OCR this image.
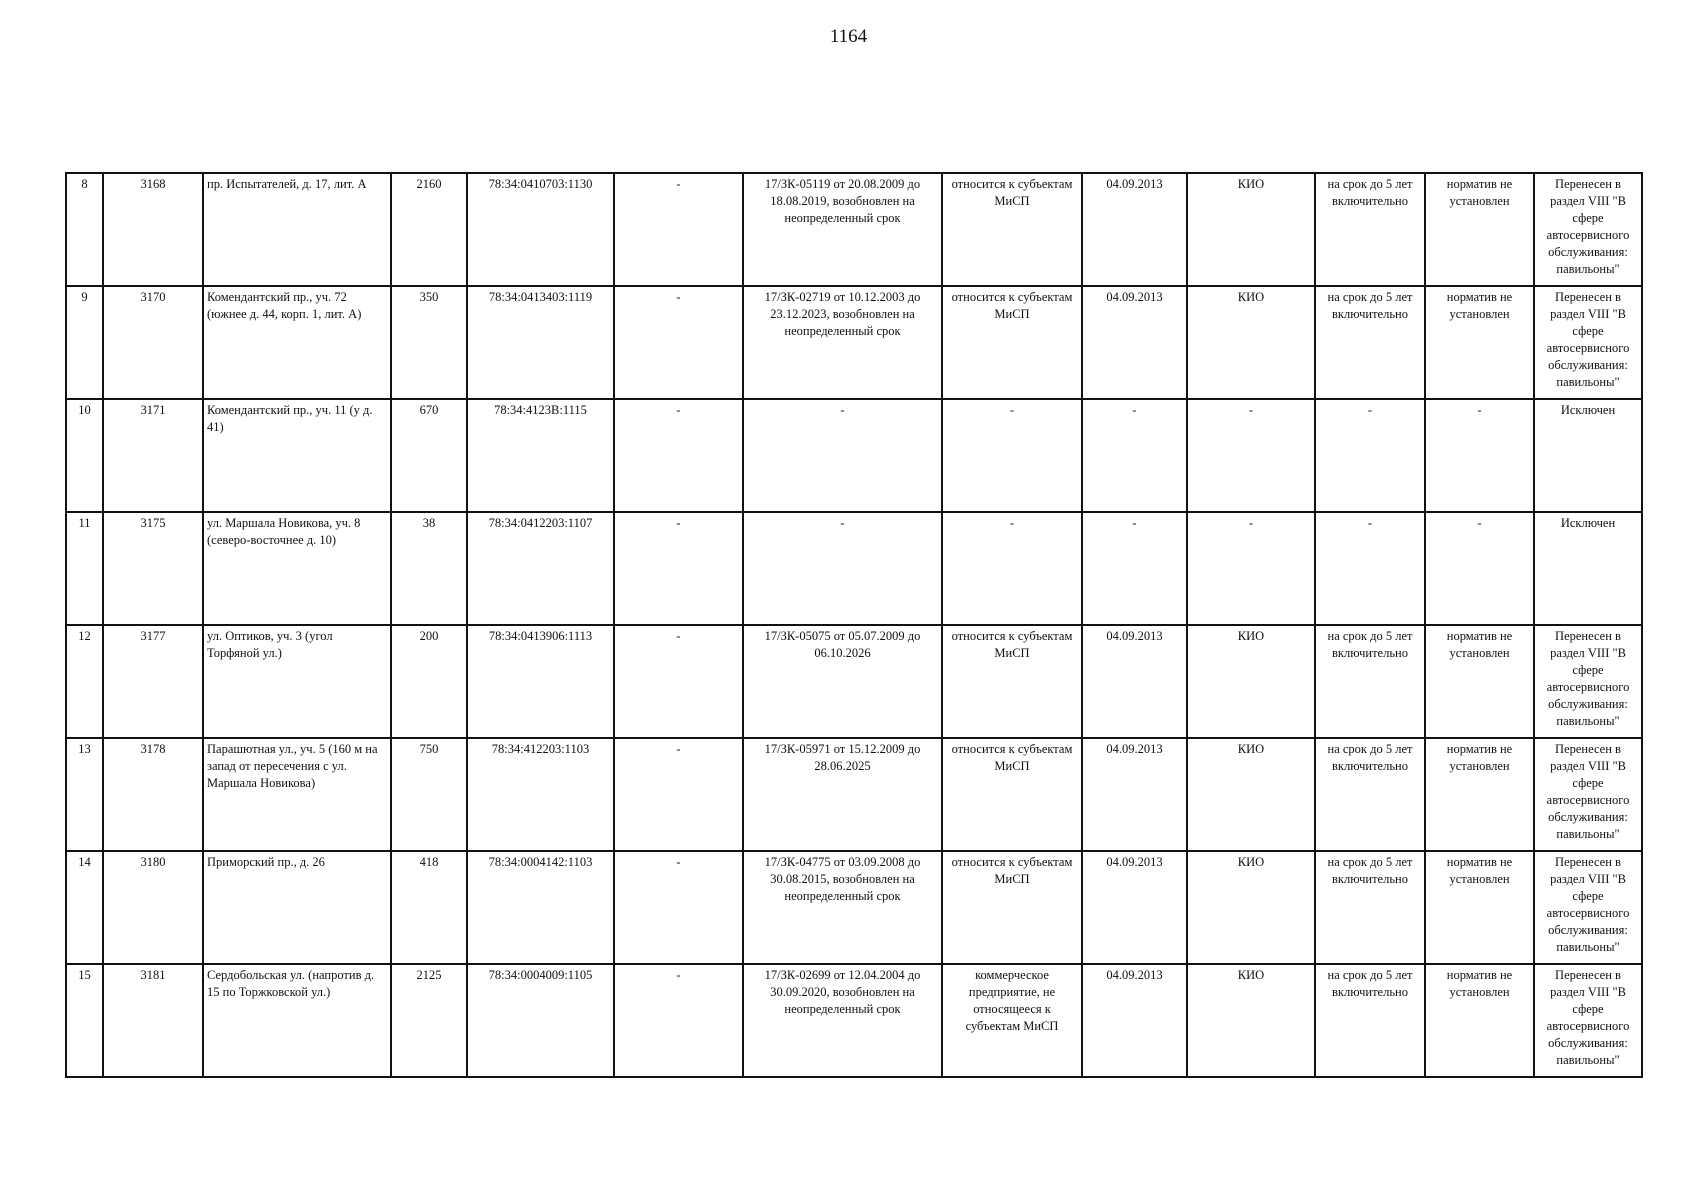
1164
8	3168	пр. Испытателей, д. 17, лит. А	2160	78:34:0410703:1130	-	17/ЗК-05119 от 20.08.2009 до 18.08.2019, возобновлен на неопределенный срок	относится к субъектам МиСП	04.09.2013	КИО	на срок до 5 лет включительно	норматив не установлен	Перенесен в раздел VIII "В сфере автосервисного обслуживания: павильоны"
9	3170	Комендантский пр., уч. 72 (южнее д. 44, корп. 1, лит. А)	350	78:34:0413403:1119	-	17/ЗК-02719 от 10.12.2003 до 23.12.2023, возобновлен на неопределенный срок	относится к субъектам МиСП	04.09.2013	КИО	на срок до 5 лет включительно	норматив не установлен	Перенесен в раздел VIII "В сфере автосервисного обслуживания: павильоны"
10	3171	Комендантский пр., уч. 11 (у д. 41)	670	78:34:4123В:1115	-	-	-	-	-	-	-	Исключен
11	3175	ул. Маршала Новикова, уч. 8 (северо-восточнее д. 10)	38	78:34:0412203:1107	-	-	-	-	-	-	-	Исключен
12	3177	ул. Оптиков, уч. 3 (угол Торфяной ул.)	200	78:34:0413906:1113	-	17/ЗК-05075 от 05.07.2009 до 06.10.2026	относится к субъектам МиСП	04.09.2013	КИО	на срок до 5 лет включительно	норматив не установлен	Перенесен в раздел VIII "В сфере автосервисного обслуживания: павильоны"
13	3178	Парашютная ул., уч. 5 (160 м на запад от пересечения с ул. Маршала Новикова)	750	78:34:412203:1103	-	17/ЗК-05971 от 15.12.2009 до 28.06.2025	относится к субъектам МиСП	04.09.2013	КИО	на срок до 5 лет включительно	норматив не установлен	Перенесен в раздел VIII "В сфере автосервисного обслуживания: павильоны"
14	3180	Приморский пр., д. 26	418	78:34:0004142:1103	-	17/ЗК-04775 от 03.09.2008 до 30.08.2015, возобновлен на неопределенный срок	относится к субъектам МиСП	04.09.2013	КИО	на срок до 5 лет включительно	норматив не установлен	Перенесен в раздел VIII "В сфере автосервисного обслуживания: павильоны"
15	3181	Сердобольская ул. (напротив д. 15 по Торжковской ул.)	2125	78:34:0004009:1105	-	17/ЗК-02699 от 12.04.2004 до 30.09.2020, возобновлен на неопределенный срок	коммерческое предприятие, не относящееся к субъектам МиСП	04.09.2013	КИО	на срок до 5 лет включительно	норматив не установлен	Перенесен в раздел VIII "В сфере автосервисного обслуживания: павильоны"
